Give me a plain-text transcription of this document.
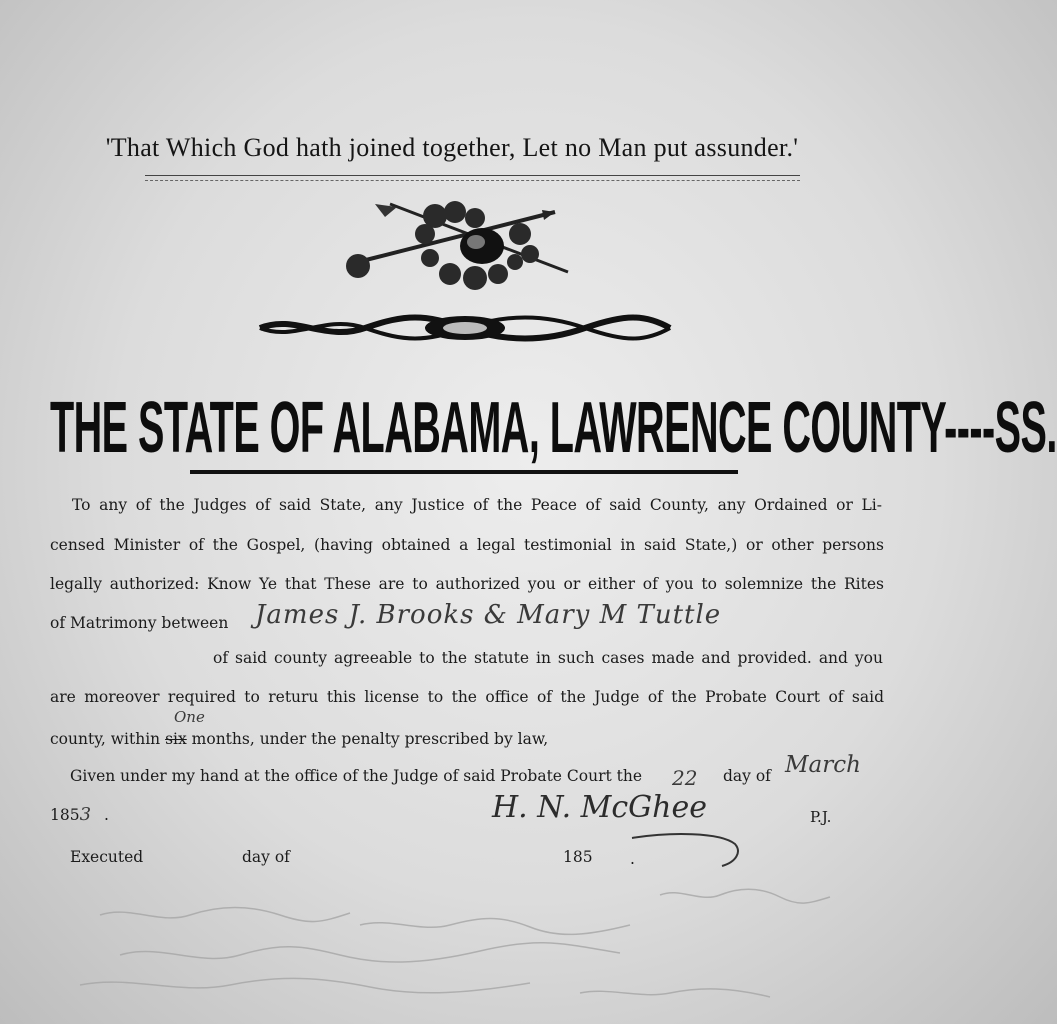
'That Which God hath joined together, Let no Man put assunder.'
THE STATE OF ALABAMA, LAWRENCE COUNTY----SS.
To any of the Judges of said State, any Justice of the Peace of said County, any Ordained or Li-
censed Minister of the Gospel, (having obtained a legal testimonial in said State,) or other persons
legally authorized: Know Ye that These are to authorized you or either of you to solemnize the Rites
of Matrimony between James J. Brooks & Mary M Tuttle
of said county agreeable to the statute in such cases made and provided. and you
are moreover required to returu this license to the office of the Judge of the Probate Court of said
county, within six months, under the penalty prescribed by law,
One
Given under my hand at the office of the Judge of said Probate Court the 22 day of March
1853 .	H. N. McGhee	P.J.
Executed	day of	185 .
